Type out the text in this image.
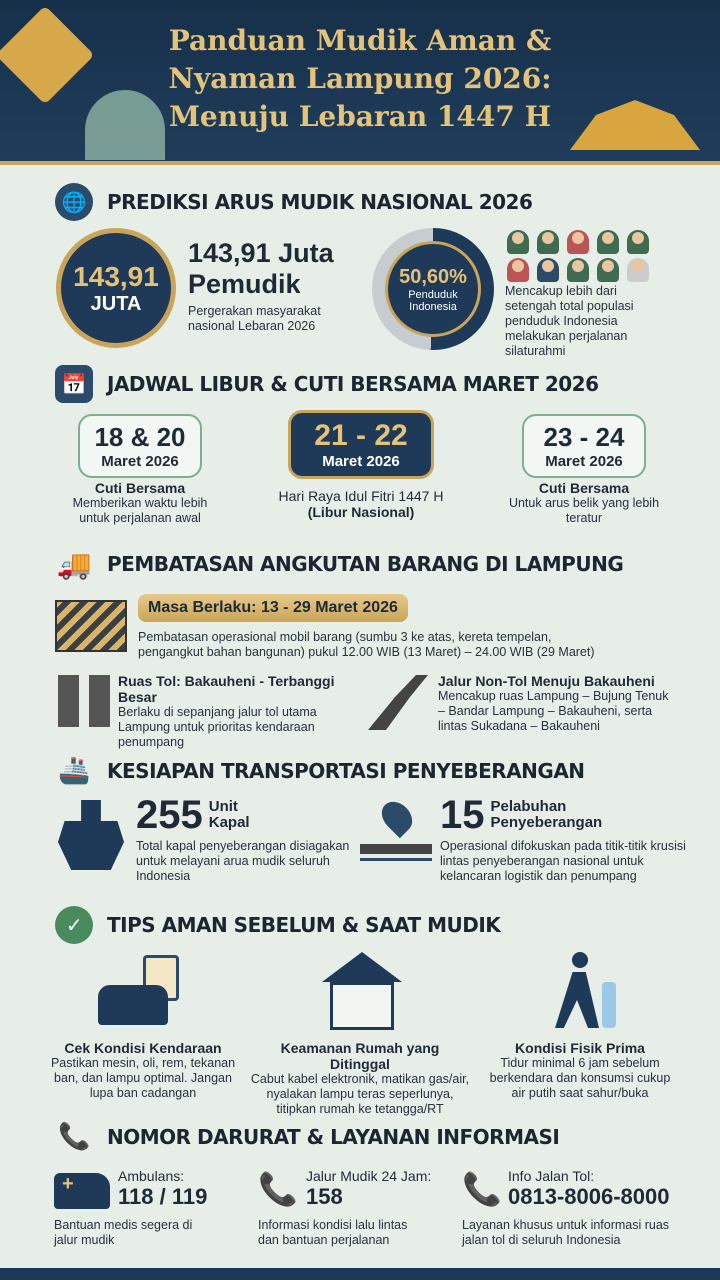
Panduan Mudik Aman &
Nyaman Lampung 2026:
Menuju Lebaran 1447 H
🌐	PREDIKSI ARUS MUDIK NASIONAL 2026
143,91
JUTA
143,91 Juta
Pemudik
Pergerakan masyarakat nasional Lebaran 2026
50,60%
Penduduk Indonesia
Mencakup lebih dari setengah total populasi penduduk Indonesia melakukan perjalanan silaturahmi
📅	JADWAL LIBUR & CUTI BERSAMA MARET 2026
18 & 20
Maret 2026
21 - 22
Maret 2026
23 - 24
Maret 2026
Cuti Bersama
Memberikan waktu lebih untuk perjalanan awal
Hari Raya Idul Fitri 1447 H
(Libur Nasional)
Cuti Bersama
Untuk arus belik yang lebih teratur
🚚 PEMBATASAN ANGKUTAN BARANG DI LAMPUNG
Masa Berlaku: 13 - 29 Maret 2026
Pembatasan operasional mobil barang (sumbu 3 ke atas, kereta tempelan, pengangkut bahan bangunan) pukul 12.00 WIB (13 Maret) – 24.00 WIB (29 Maret)
Ruas Tol: Bakauheni - Terbanggi Besar
Berlaku di sepanjang jalur tol utama Lampung untuk prioritas kendaraan penumpang
Jalur Non-Tol Menuju Bakauheni
Mencakup ruas Lampung – Bujung Tenuk – Bandar Lampung – Bakauheni, serta lintas Sukadana – Bakauheni
🚢 KESIAPAN TRANSPORTASI PENYEBERANGAN
255 Unit
Kapal
Total kapal penyeberangan disiagakan untuk melayani arua mudik seluruh Indonesia
15 Pelabuhan
Penyeberangan
Operasional difokuskan pada titik-titik krusisi lintas penyeberangan nasional untuk kelancaran logistik dan penumpang
✓	TIPS AMAN SEBELUM & SAAT MUDIK
Cek Kondisi Kendaraan
Pastikan mesin, oli, rem, tekanan ban, dan lampu optimal. Jangan lupa ban cadangan
Keamanan Rumah yang Ditinggal
Cabut kabel elektronik, matikan gas/air, nyalakan lampu teras seperlunya, titipkan rumah ke tetangga/RT
Kondisi Fisik Prima
Tidur minimal 6 jam sebelum berkendara dan konsumsi cukup air putih saat sahur/buka
📞 NOMOR DARURAT & LAYANAN INFORMASI
+	Ambulans:
118 / 119
Bantuan medis segera di jalur mudik
📞 Jalur Mudik 24 Jam:
158
Informasi kondisi lalu lintas dan bantuan perjalanan
📞 Info Jalan Tol:
0813-8006-8000
Layanan khusus untuk informasi ruas jalan tol di seluruh Indonesia
